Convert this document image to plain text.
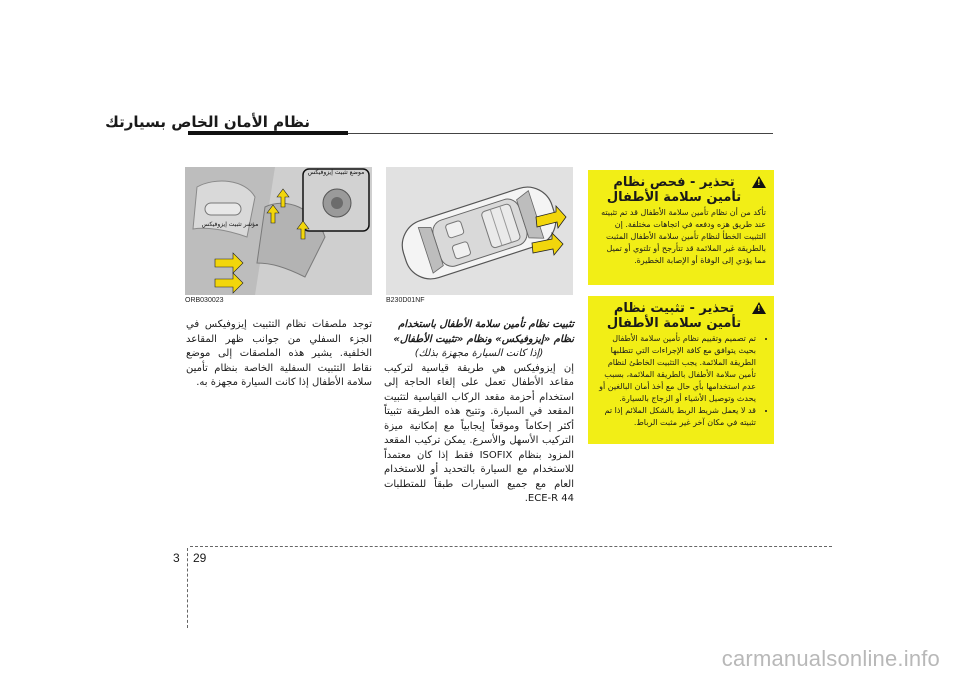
نظام الأمان الخاص بسيارتك
!
تحذير - فحص نظام تأمين سلامة الأطفال

تأكد من أن نظام تأمين سلامة الأطفال قد تم تثبيته عند طريق هزه ودفعه في اتجاهات مختلفة. إن التثبيت الخطأ لنظام تأمين سلامة الأطفال المثبت بالطريقة غير الملائمة قد تتأرجح أو تلتوي أو تميل مما يؤدي إلى الوفاة أو الإصابة الخطيرة.

!
تحذير - تثبيت نظام تأمين سلامة الأطفال
• تم تصميم وتقييم نظام تأمين سلامة الأطفال بحيث يتوافق مع كافة الإجراءات التي تتطلبها الطريقة الملائمة. يجب التثبيت الخاطئ لنظام تأمين سلامة الأطفال بالطريقة الملائمة، بسبب عدم استخدامها بأي حال مع أخذ أمان البالغين أو يحدث وتوصيل الأشياء أو الزجاج بالسيارة.
• قد لا يعمل شريط الربط بالشكل الملائم إذا تم تثبيته في مكان آخر غير مثبت الرباط.
B230D01NF
موضع تثبيت إيزوفيكس
مؤشر تثبيت إيزوفيكس
ORB030023

تثبيت نظام تأمين سلامة الأطفال باستخدام نظام «إيزوفيكس» ونظام «تثبيت الأطفال»

(إذا كانت السيارة مجهزة بذلك)

إن إيزوفيكس هي طريقة قياسية لتركيب مقاعد الأطفال تعمل على إلغاء الحاجة إلى استخدام أحزمة مقعد الركاب القياسية لتثبيت المقعد في السيارة. وتتيح هذه الطريقة تثبيتاً أكثر إحكاماً وموقعاً إيجابياً مع إمكانية ميزة التركيب الأسهل والأسرع. يمكن تركيب المقعد المزود بنظام ISOFIX فقط إذا كان معتمداً للاستخدام مع السيارة بالتحديد أو للاستخدام العام مع جميع السيارات طبقاً للمتطلبات ECE-R 44.

توجد ملصقات نظام التثبيت إيزوفيكس في الجزء السفلي من جوانب ظهر المقاعد الخلفية. يشير هذه الملصقات إلى موضع نقاط التثبيت السفلية الخاصة بنظام تأمين سلامة الأطفال إذا كانت السيارة مجهزة به.

3 29
carmanualsonline.info
